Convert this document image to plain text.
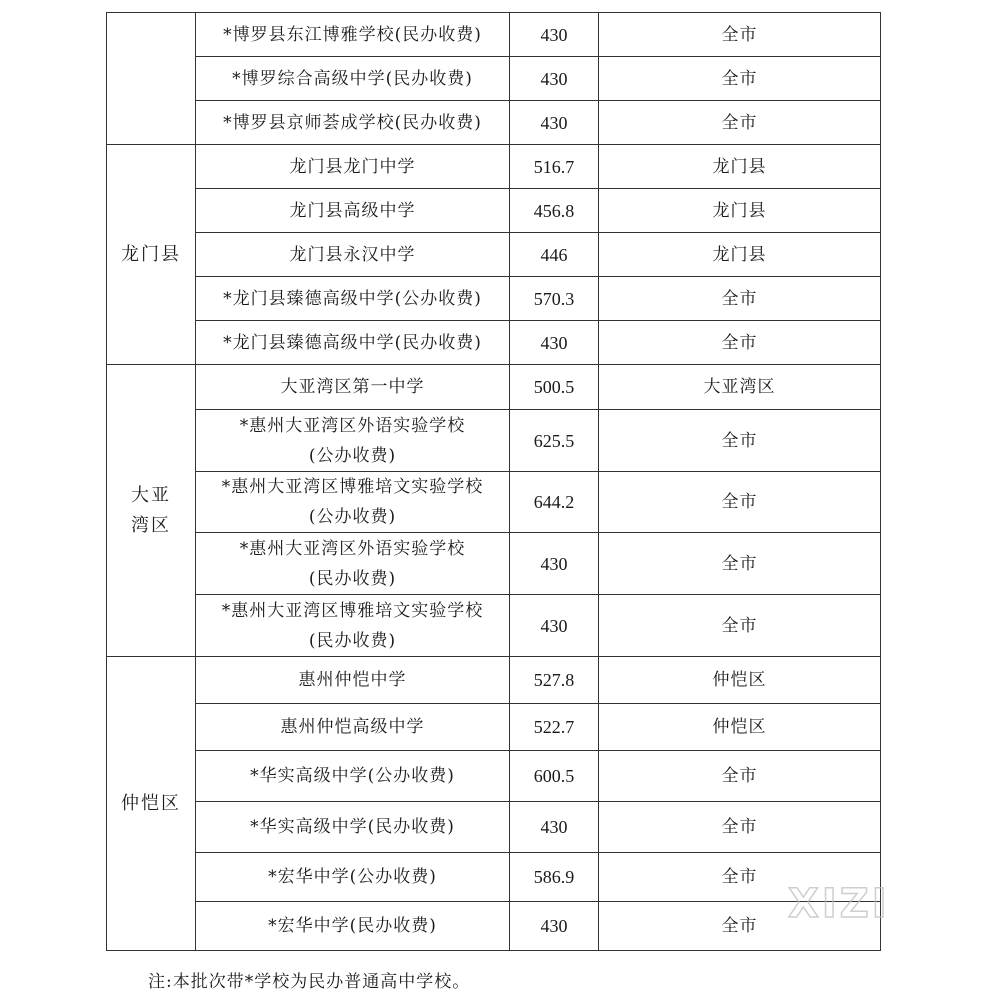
	*博罗县东江博雅学校(民办收费)	430	全市

	*博罗综合高级中学(民办收费)	430	全市

	*博罗县京师荟成学校(民办收费)	430	全市
龙门县	龙门县龙门中学	516.7	龙门县

	龙门县高级中学	456.8	龙门县

	龙门县永汉中学	446	龙门县

	*龙门县臻德高级中学(公办收费)	570.3	全市

	*龙门县臻德高级中学(民办收费)	430	全市
大亚湾区	大亚湾区第一中学	500.5	大亚湾区

	*惠州大亚湾区外语实验学校
(公办收费)	625.5	全市

	*惠州大亚湾区博雅培文实验学校
(公办收费)	644.2	全市

	*惠州大亚湾区外语实验学校
(民办收费)	430	全市

	*惠州大亚湾区博雅培文实验学校
(民办收费)	430	全市
仲恺区	惠州仲恺中学	527.8	仲恺区

	惠州仲恺高级中学	522.7	仲恺区

	*华实高级中学(公办收费)	600.5	全市

	*华实高级中学(民办收费)	430	全市

	*宏华中学(公办收费)	586.9	全市

	*宏华中学(民办收费)	430	全市
注:本批次带*学校为民办普通高中学校。
XIZI
